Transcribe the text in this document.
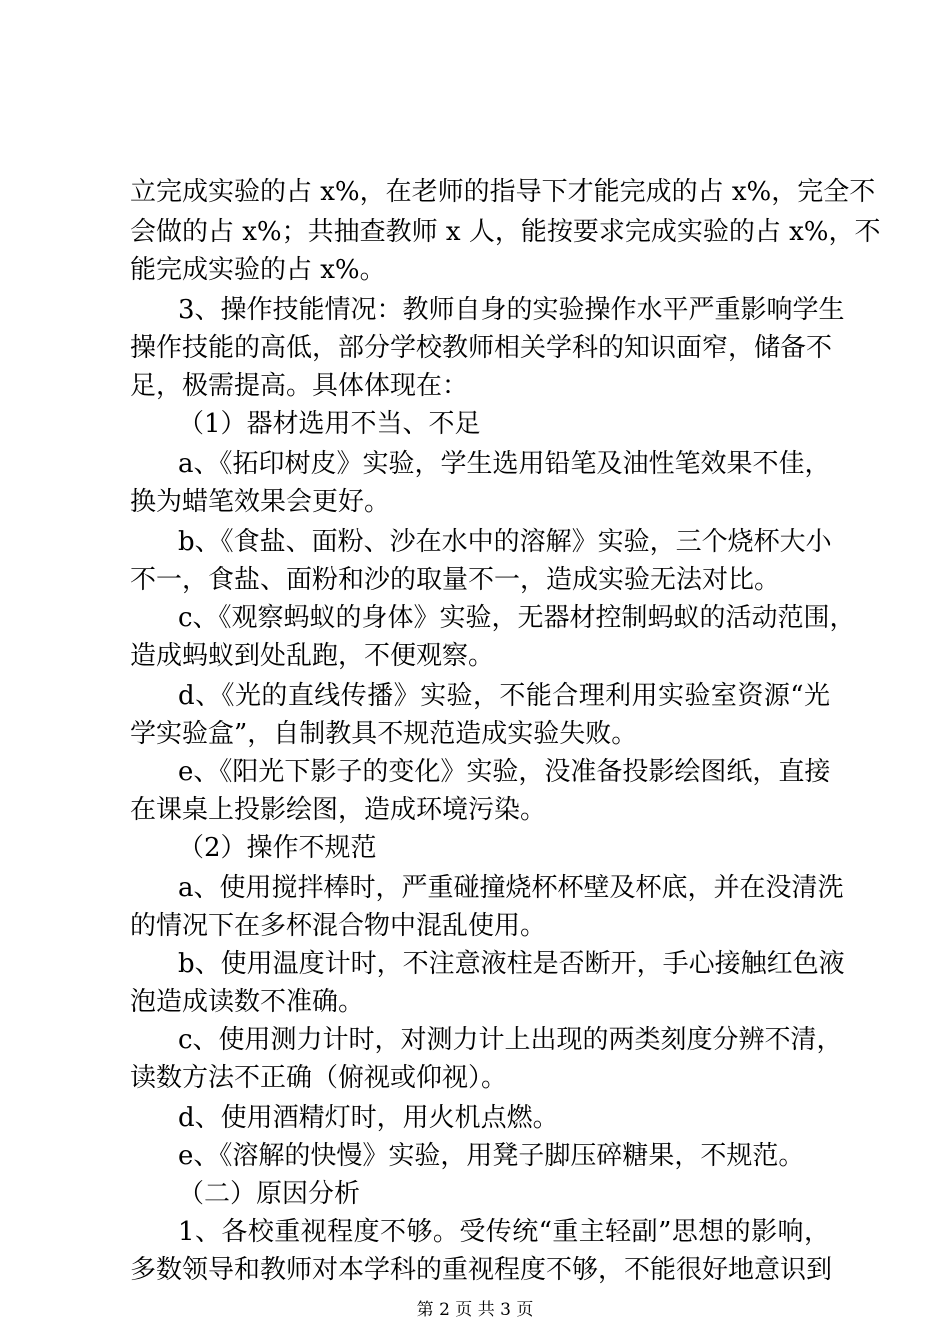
立完成实验的占 x%，在老师的指导下才能完成的占 x%，完全不
会做的占 x%；共抽查教师 x 人，能按要求完成实验的占 x%，不
能完成实验的占 x%。
3、操作技能情况：教师自身的实验操作水平严重影响学生
操作技能的高低，部分学校教师相关学科的知识面窄，储备不
足，极需提高。具体体现在：
（1）器材选用不当、不足
a、《拓印树皮》实验，学生选用铅笔及油性笔效果不佳，
换为蜡笔效果会更好。
b、《食盐、面粉、沙在水中的溶解》实验，三个烧杯大小
不一，食盐、面粉和沙的取量不一，造成实验无法对比。
c、《观察蚂蚁的身体》实验，无器材控制蚂蚁的活动范围，
造成蚂蚁到处乱跑，不便观察。
d、《光的直线传播》实验，不能合理利用实验室资源“光
学实验盒”，自制教具不规范造成实验失败。
e、《阳光下影子的变化》实验，没准备投影绘图纸，直接
在课桌上投影绘图，造成环境污染。
（2）操作不规范
a、使用搅拌棒时，严重碰撞烧杯杯壁及杯底，并在没清洗
的情况下在多杯混合物中混乱使用。
b、使用温度计时，不注意液柱是否断开，手心接触红色液
泡造成读数不准确。
c、使用测力计时，对测力计上出现的两类刻度分辨不清，
读数方法不正确（俯视或仰视）。
d、使用酒精灯时，用火机点燃。
e、《溶解的快慢》实验，用凳子脚压碎糖果，不规范。
（二）原因分析
1、各校重视程度不够。受传统“重主轻副”思想的影响，
多数领导和教师对本学科的重视程度不够，不能很好地意识到
第 2 页 共 3 页
